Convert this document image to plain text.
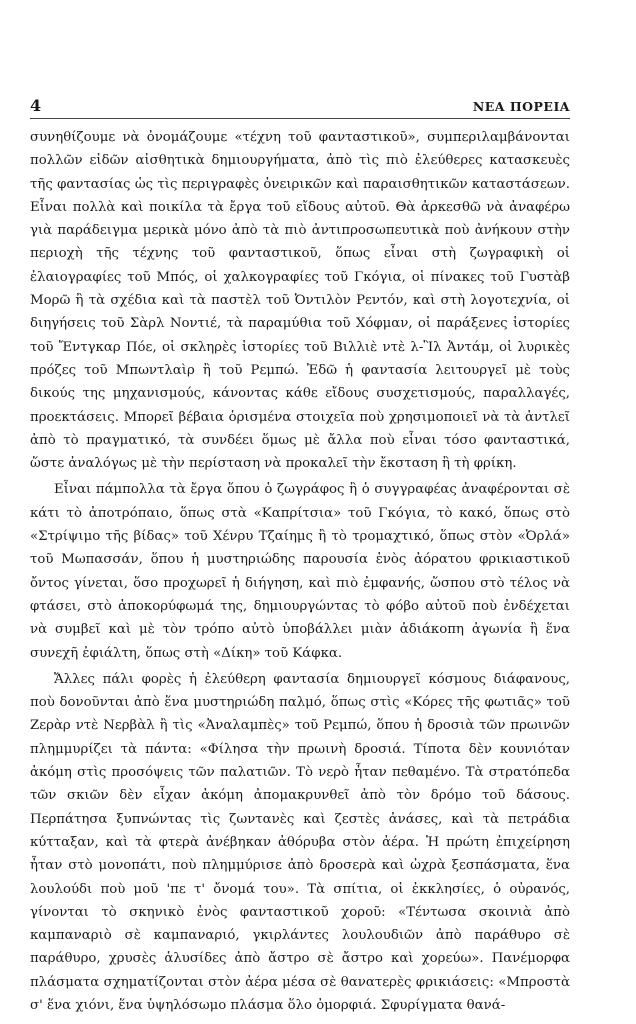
4	ΝΕΑ ΠΟΡΕΙΑ

συνηθίζουμε νὰ ὀνομάζουμε «τέχνη τοῦ φανταστικοῦ», συμπεριλαμβάνονται πολλῶν εἰδῶν αἰσθητικὰ δημιουργήματα, ἀπὸ τὶς πιὸ ἐλεύθερες κατασκευὲς τῆς φαντασίας ὡς τὶς περιγραφὲς ὀνειρικῶν καὶ παραισθητικῶν καταστάσεων. Εἶναι πολλὰ καὶ ποικίλα τὰ ἔργα τοῦ εἴδους αὐτοῦ. Θὰ ἀρκεσθῶ νὰ ἀναφέρω γιὰ παράδειγμα μερικὰ μόνο ἀπὸ τὰ πιὸ ἀντιπροσωπευτικὰ ποὺ ἀνήκουν στὴν περιοχὴ τῆς τέχνης τοῦ φανταστικοῦ, ὅπως εἶναι στὴ ζωγραφικὴ οἱ ἐλαιογραφίες τοῦ Μπός, οἱ χαλκογραφίες τοῦ Γκόγια, οἱ πίνακες τοῦ Γυστὰβ Μορῶ ἢ τὰ σχέδια καὶ τὰ παστὲλ τοῦ Ὀντιλὸν Ρεντόν, καὶ στὴ λογοτεχνία, οἱ διηγήσεις τοῦ Σὰρλ Νοντιέ, τὰ παραμύθια τοῦ Χόφμαν, οἱ παράξενες ἱστορίες τοῦ Ἔντγκαρ Πόε, οἱ σκληρὲς ἱστορίες τοῦ Βιλλιὲ ντὲ λ-Ἲλ Ἀντάμ, οἱ λυρικὲς πρόζες τοῦ Μπωντλαὶρ ἢ τοῦ Ρεμπώ. Ἐδῶ ἡ φαντασία λειτουργεῖ μὲ τοὺς δικούς της μηχανισμούς, κάνοντας κάθε εἴδους συσχετισμούς, παραλλαγές, προεκτάσεις. Μπορεῖ βέβαια ὁρισμένα στοιχεῖα ποὺ χρησιμοποιεῖ νὰ τὰ ἀντλεῖ ἀπὸ τὸ πραγματικό, τὰ συνδέει ὅμως μὲ ἄλλα ποὺ εἶναι τόσο φανταστικά, ὥστε ἀναλόγως μὲ τὴν περίσταση νὰ προκαλεῖ τὴν ἔκσταση ἢ τὴ φρίκη.

Εἶναι πάμπολλα τὰ ἔργα ὅπου ὁ ζωγράφος ἢ ὁ συγγραφέας ἀναφέρονται σὲ κάτι τὸ ἀποτρόπαιο, ὅπως στὰ «Καπρίτσια» τοῦ Γκόγια, τὸ κακό, ὅπως στὸ «Στρίψιμο τῆς βίδας» τοῦ Χένρυ Τζαίημς ἢ τὸ τρομαχτικό, ὅπως στὸν «Ὀρλά» τοῦ Μωπασσάν, ὅπου ἡ μυστηριώδης παρουσία ἑνὸς ἀόρατου φρικιαστικοῦ ὄντος γίνεται, ὅσο προχωρεῖ ἡ διήγηση, καὶ πιὸ ἐμφανής, ὥσπου στὸ τέλος νὰ φτάσει, στὸ ἀποκορύφωμά της, δημιουργώντας τὸ φόβο αὐτοῦ ποὺ ἐνδέχεται νὰ συμβεῖ καὶ μὲ τὸν τρόπο αὐτὸ ὑποβάλλει μιὰν ἀδιάκοπη ἀγωνία ἢ ἕνα συνεχῆ ἐφιάλτη, ὅπως στὴ «Δίκη» τοῦ Κάφκα.

Ἄλλες πάλι φορὲς ἡ ἐλεύθερη φαντασία δημιουργεῖ κόσμους διάφανους, ποὺ δονοῦνται ἀπὸ ἕνα μυστηριώδη παλμό, ὅπως στὶς «Κόρες τῆς φωτιᾶς» τοῦ Ζερὰρ ντὲ Νερβὰλ ἢ τὶς «Ἀναλαμπὲς» τοῦ Ρεμπώ, ὅπου ἡ δροσιὰ τῶν πρωινῶν πλημμυρίζει τὰ πάντα: «Φίλησα τὴν πρωινὴ δροσιά. Τίποτα δὲν κουνιόταν ἀκόμη στὶς προσόψεις τῶν παλατιῶν. Τὸ νερὸ ἦταν πεθαμένο. Τὰ στρατόπεδα τῶν σκιῶν δὲν εἶχαν ἀκόμη ἀπομακρυνθεῖ ἀπὸ τὸν δρόμο τοῦ δάσους. Περπάτησα ξυπνώντας τὶς ζωντανὲς καὶ ζεστὲς ἀνάσες, καὶ τὰ πετράδια κύτταξαν, καὶ τὰ φτερὰ ἀνέβηκαν ἀθόρυβα στὸν ἀέρα. Ἡ πρώτη ἐπιχείρηση ἦταν στὸ μονοπάτι, ποὺ πλημμύρισε ἀπὸ δροσερὰ καὶ ὠχρὰ ξεσπάσματα, ἕνα λουλούδι ποὺ μοῦ 'πε τ' ὄνομά του». Τὰ σπίτια, οἱ ἐκκλησίες, ὁ οὐρανός, γίνονται τὸ σκηνικὸ ἑνὸς φανταστικοῦ χοροῦ: «Τέντωσα σκοινιὰ ἀπὸ καμπαναριὸ σὲ καμπαναριό, γκιρλάντες λουλουδιῶν ἀπὸ παράθυρο σὲ παράθυρο, χρυσὲς ἁλυσίδες ἀπὸ ἄστρο σὲ ἄστρο καὶ χορεύω». Πανέμορφα πλάσματα σχηματίζονται στὸν ἀέρα μέσα σὲ θανατερὲς φρικιάσεις: «Μπροστὰ σ' ἕνα χιόνι, ἕνα ὑψηλόσωμο πλάσμα ὅλο ὀμορφιά. Σφυρίγματα θανά-
